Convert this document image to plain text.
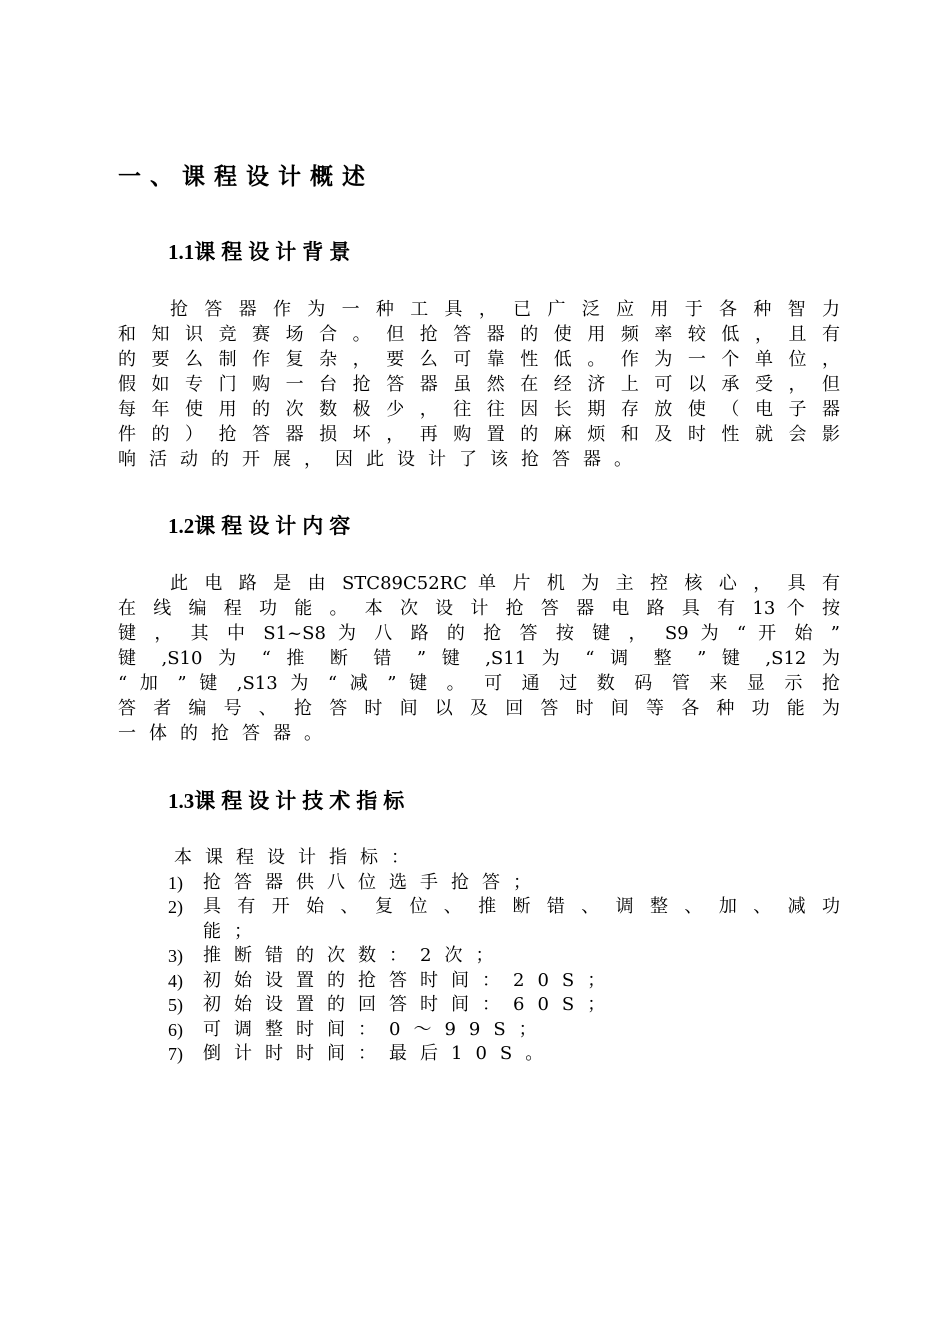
一、课程设计概述
1.1课程设计背景
抢答器作为一种工具，已广泛应用于各种智力
和知识竞赛场合。但抢答器的使用频率较低，且有
的要么制作复杂，要么可靠性低。作为一个单位，
假如专门购一台抢答器虽然在经济上可以承受，但
每年使用的次数极少，往往因长期存放使（电子器
件的）抢答器损坏，再购置的麻烦和及时性就会影
响活动的开展，因此设计了该抢答器。
1.2课程设计内容
此 电 路 是 由 STC89C52RC 单 片 机 为 主 控 核 心 ， 具 有
在 线 编 程 功 能 。 本 次 设 计 抢 答 器 电 路 具 有 13 个 按
键 ， 其 中 S1~S8 为 八 路 的 抢 答 按 键 ， S9 为 “ 开 始 ”
键 ,S10 为 “ 推 断 错 ” 键 ,S11 为 “ 调 整 ” 键 ,S12 为
“ 加 ” 键 ,S13 为 “ 减 ” 键 。 可 通 过 数 码 管 来 显 示 抢
答 者 编 号 、 抢 答 时 间 以 及 回 答 时 间 等 各 种 功 能 为
一体的抢答器。
1.3课程设计技术指标
本课程设计指标：
1) 抢答器供八位选手抢答；
2) 具 有 开 始 、 复 位 、 推 断 错 、 调 整 、 加 、 减 功
能；
3) 推断错的次数：2次；
4) 初始设置的抢答时间：20S；
5) 初始设置的回答时间：60S；
6) 可调整时间：0～99S；
7) 倒计时时间：最后10S。
